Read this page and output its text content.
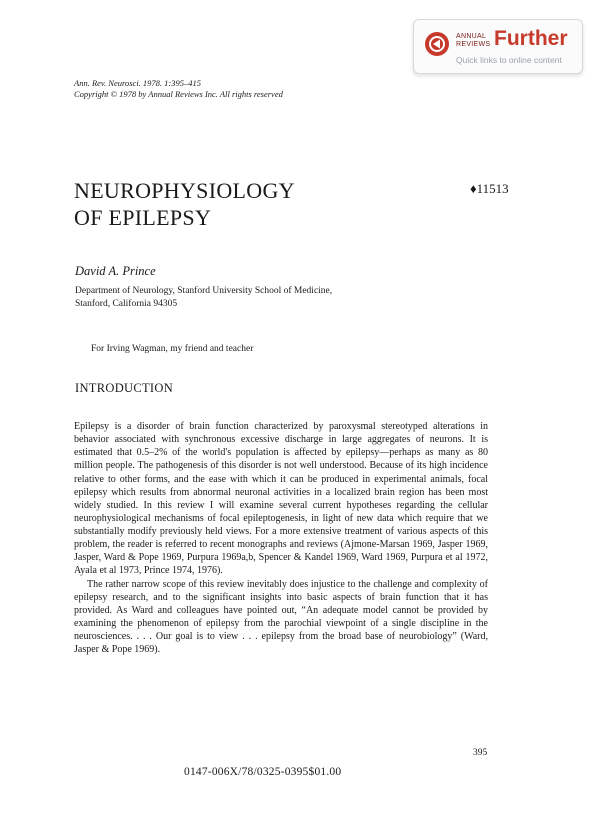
ANNUAL
REVIEWS Further
Quick links to online content
Ann. Rev. Neurosci. 1978. 1:395–415
Copyright © 1978 by Annual Reviews Inc. All rights reserved
NEUROPHYSIOLOGY
OF EPILEPSY
♦11513
David A. Prince
Department of Neurology, Stanford University School of Medicine,
Stanford, California 94305
For Irving Wagman, my friend and teacher
INTRODUCTION

Epilepsy is a disorder of brain function characterized by paroxysmal stereotyped alterations in behavior associated with synchronous excessive discharge in large aggregates of neurons. It is estimated that 0.5–2% of the world's population is affected by epilepsy—perhaps as many as 80 million people. The pathogenesis of this disorder is not well understood. Because of its high incidence relative to other forms, and the ease with which it can be produced in experimental animals, focal epilepsy which results from abnormal neuronal activities in a localized brain region has been most widely studied. In this review I will examine several current hypotheses regarding the cellular neurophysiological mechanisms of focal epileptogenesis, in light of new data which require that we substantially modify previously held views. For a more extensive treatment of various aspects of this problem, the reader is referred to recent monographs and reviews (Ajmone-Marsan 1969, Jasper 1969, Jasper, Ward & Pope 1969, Purpura 1969a,b, Spencer & Kandel 1969, Ward 1969, Purpura et al 1972, Ayala et al 1973, Prince 1974, 1976).

The rather narrow scope of this review inevitably does injustice to the challenge and complexity of epilepsy research, and to the significant insights into basic aspects of brain function that it has provided. As Ward and colleagues have pointed out, “An adequate model cannot be provided by examining the phenomenon of epilepsy from the parochial viewpoint of a single discipline in the neurosciences. . . . Our goal is to view . . . epilepsy from the broad base of neurobiology” (Ward, Jasper & Pope 1969).

395
0147-006X/78/0325-0395$01.00
